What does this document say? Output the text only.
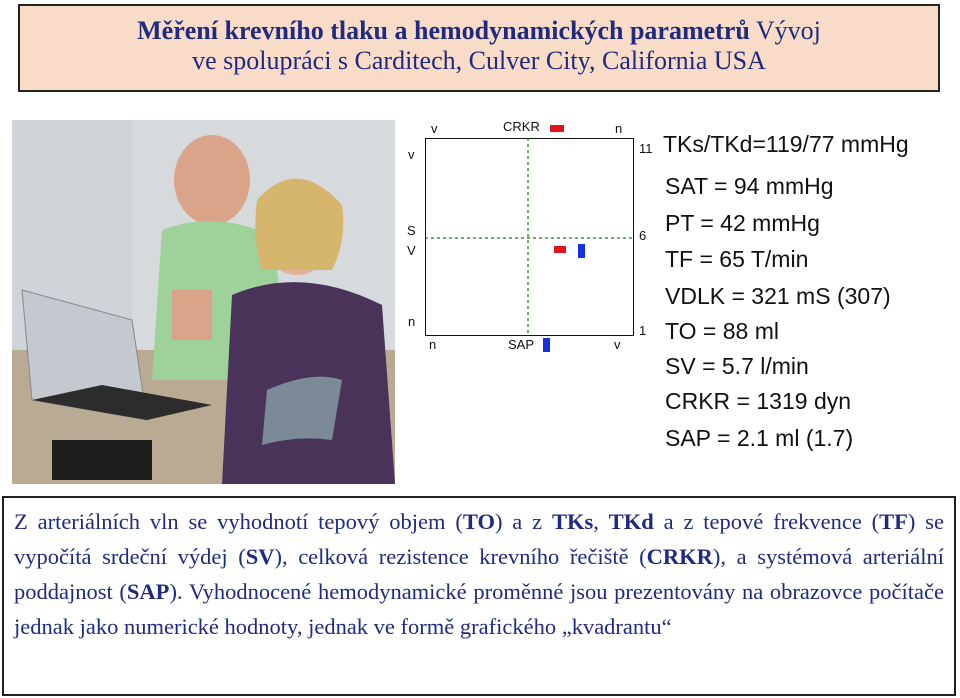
Měření krevního tlaku a hemodynamických parametrů Vývoj
ve spolupráci s Carditech, Culver City, California USA
v	CRKR	n
v
S
V
n
n	SAP	v
11
6
1
TKs/TKd=119/77 mmHg
SAT = 94 mmHg
PT = 42 mmHg
TF = 65 T/min
VDLK = 321 mS (307)
TO = 88 ml
SV = 5.7 l/min
CRKR = 1319 dyn
SAP = 2.1 ml (1.7)
Z arteriálních vln se vyhodnotí tepový objem (TO) a z TKs, TKd a z tepové frekvence (TF) se vypočítá srdeční výdej (SV), celková rezistence krevního řečiště (CRKR), a systémová arteriální poddajnost (SAP). Vyhodnocené hemodynamické proměnné jsou prezentovány na obrazovce počítače jednak jako numerické hodnoty, jednak ve formě grafického „kvadrantu“
